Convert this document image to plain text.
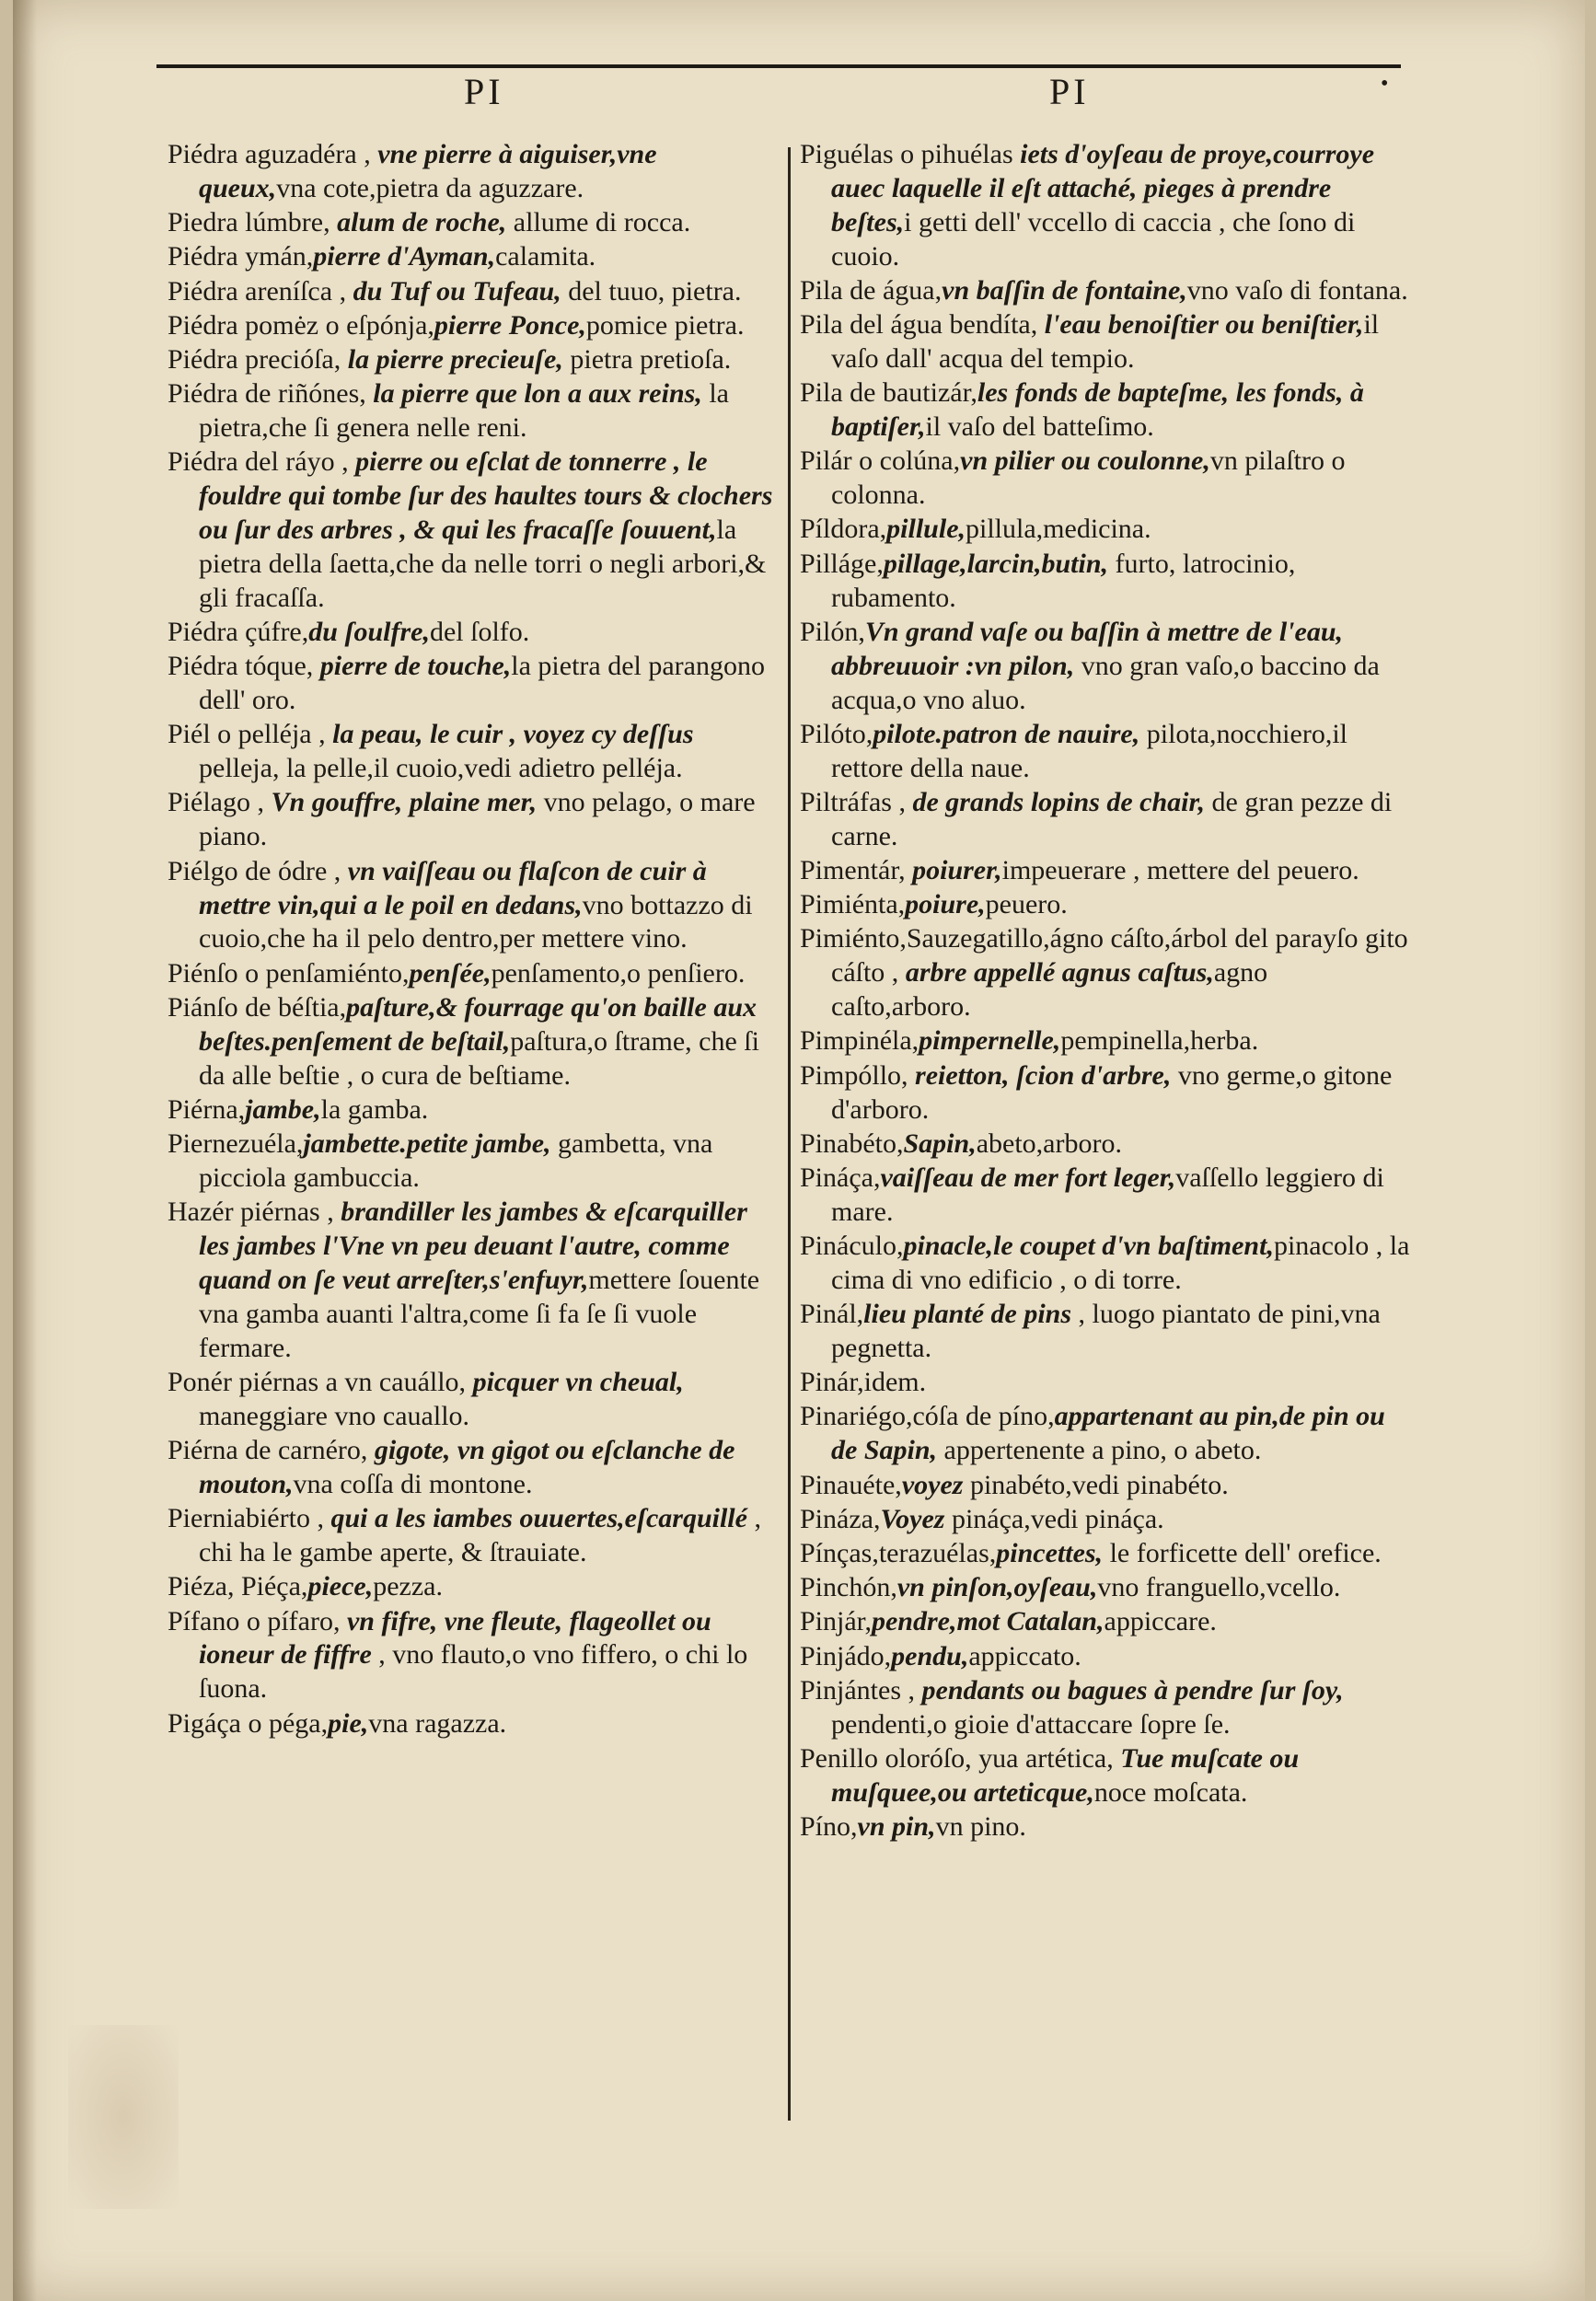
PI	PI •

Piédra aguzadéra , vne pierre à aiguiser,vne queux,vna cote,pietra da aguzzare.

Piedra lúmbre, alum de roche, allume di rocca.

Piédra ymán,pierre d'Ayman,calamita.

Piédra areníſca , du Tuf ou Tufeau, del tuuo, pietra.

Piédra pomėz o eſpónja,pierre Ponce,pomice pietra.

Piédra precióſa, la pierre precieuſe, pietra pretioſa.

Piédra de riñónes, la pierre que lon a aux reins, la pietra,che ſi genera nelle reni.

Piédra del ráyo , pierre ou eſclat de tonnerre , le fouldre qui tombe ſur des haultes tours & clochers ou ſur des arbres , & qui les fracaſſe ſouuent,la pietra della ſaetta,che da nelle torri o negli arbori,& gli fracaſſa.

Piédra çúfre,du ſoulfre,del ſolfo.

Piédra tóque, pierre de touche,la pietra del parangono dell' oro.

Piél o pelléja , la peau, le cuir , voyez cy deſſus pelleja, la pelle,il cuoio,vedi adietro pelléja.

Piélago , Vn gouffre, plaine mer, vno pelago, o mare piano.

Piélgo de ódre , vn vaiſſeau ou flaſcon de cuir à mettre vin,qui a le poil en dedans,vno bottazzo di cuoio,che ha il pelo dentro,per mettere vino.

Piénſo o penſamiénto,penſée,penſamento,o penſiero.

Piánſo de béſtia,paſture,& fourrage qu'on baille aux beſtes.penſement de beſtail,paſtura,o ſtrame, che ſi da alle beſtie , o cura de beſtiame.

Piérna,jambe,la gamba.

Piernezuéla,jambette.petite jambe, gambetta, vna picciola gambuccia.

Hazér piérnas , brandiller les jambes & eſcarquiller les jambes l'Vne vn peu deuant l'autre, comme quand on ſe veut arreſter,s'enfuyr,mettere ſouente vna gamba auanti l'altra,come ſi fa ſe ſi vuole fermare.

Ponér piérnas a vn cauállo, picquer vn cheual, maneggiare vno cauallo.

Piérna de carnéro, gigote, vn gigot ou eſclanche de mouton,vna coſſa di montone.

Pierniabiérto , qui a les iambes ouuertes,eſcarquillé , chi ha le gambe aperte, & ſtrauiate.

Piéza, Piéça,piece,pezza.

Pífano o pífaro, vn fifre, vne fleute, flageollet ou ioneur de fiffre , vno flauto,o vno fiffero, o chi lo ſuona.

Pigáça o péga,pie,vna ragazza.

Piguélas o pihuélas iets d'oyſeau de proye,courroye auec laquelle il eſt attaché, pieges à prendre beſtes,i getti dell' vccello di caccia , che ſono di cuoio.

Pila de água,vn baſſin de fontaine,vno vaſo di fontana.

Pila del água bendíta, l'eau benoiſtier ou beniſtier,il vaſo dall' acqua del tempio.

Pila de bautizár,les fonds de bapteſme, les fonds, à baptiſer,il vaſo del batteſimo.

Pilár o colúna,vn pilier ou coulonne,vn pilaſtro o colonna.

Píldora,pillule,pillula,medicina.

Pilláge,pillage,larcin,butin, furto, latrocinio, rubamento.

Pilón,Vn grand vaſe ou baſſin à mettre de l'eau, abbreuuoir :vn pilon, vno gran vaſo,o baccino da acqua,o vno aluo.

Pilóto,pilote.patron de nauire, pilota,nocchiero,il rettore della naue.

Piltráfas , de grands lopins de chair, de gran pezze di carne.

Pimentár, poiurer,impeuerare , mettere del peuero.

Pimiénta,poiure,peuero.

Pimiénto,Sauzegatillo,ágno cáſto,árbol del parayſo gito cáſto , arbre appellé agnus caſtus,agno caſto,arboro.

Pimpinéla,pimpernelle,pempinella,herba.

Pimpóllo, reietton, ſcion d'arbre, vno germe,o gitone d'arboro.

Pinabéto,Sapin,abeto,arboro.

Pináça,vaiſſeau de mer fort leger,vaſſello leggiero di mare.

Pináculo,pinacle,le coupet d'vn baſtiment,pinacolo , la cima di vno edificio , o di torre.

Pinál,lieu planté de pins , luogo piantato de pini,vna pegnetta.

Pinár,idem.

Pinariégo,cóſa de píno,appartenant au pin,de pin ou de Sapin, appertenente a pino, o abeto.

Pinauéte,voyez pinabéto,vedi pinabéto.

Pináza,Voyez pináça,vedi pináça.

Pínças,terazuélas,pincettes, le forficette dell' orefice.

Pinchón,vn pinſon,oyſeau,vno franguello,vcello.

Pinjár,pendre,mot Catalan,appiccare.

Pinjádo,pendu,appiccato.

Pinjántes , pendants ou bagues à pendre ſur ſoy, pendenti,o gioie d'attaccare ſopre ſe.

Penillo oloróſo, yua artética, Tue muſcate ou muſquee,ou arteticque,noce moſcata.

Píno,vn pin,vn pino.
